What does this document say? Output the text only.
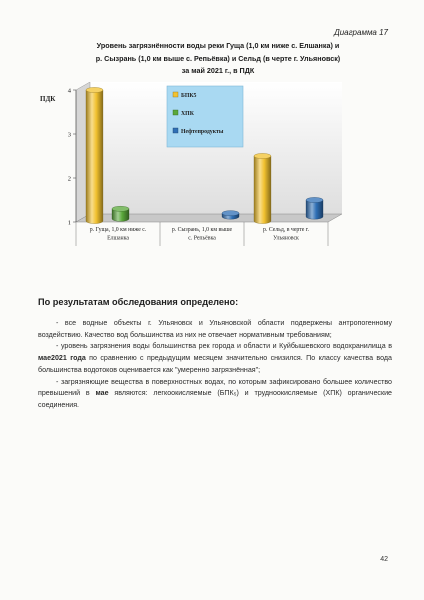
Диаграмма 17
Уровень загрязнённости воды реки Гуща (1,0 км ниже с. Елшанка) и
р. Сызрань (1,0 км выше с. Репьёвка) и Сельд (в черте г. Ульяновск)
за май 2021 г., в ПДК
1
2
3
4
ПДК
р. Гуща, 1,0 км ниже с.
Елшанка
р. Сызрань, 1,0 км выше
с. Репьёвка
р. Сельд, в черте г.
Ульяновск
БПК5
ХПК
Нефтепродукты
По результатам обследования определено:

- все водные объекты г. Ульяновск и Ульяновской области подвержены антропогенному воздействию. Качество вод большинства из них не отвечает нормативным требованиям;

- уровень загрязнения воды большинства рек города и области и Куйбышевского водохранилища в мае2021 года по сравнению с предыдущим месяцем значительно снизился. По классу качества вода большинства водотоков оценивается как "умеренно загрязнённая";

- загрязняющие вещества в поверхностных водах, по которым зафиксировано большее количество превышений в мае являются: легкоокисляемые (БПК₅) и трудноокисляемые (ХПК) органические соединения.

42
